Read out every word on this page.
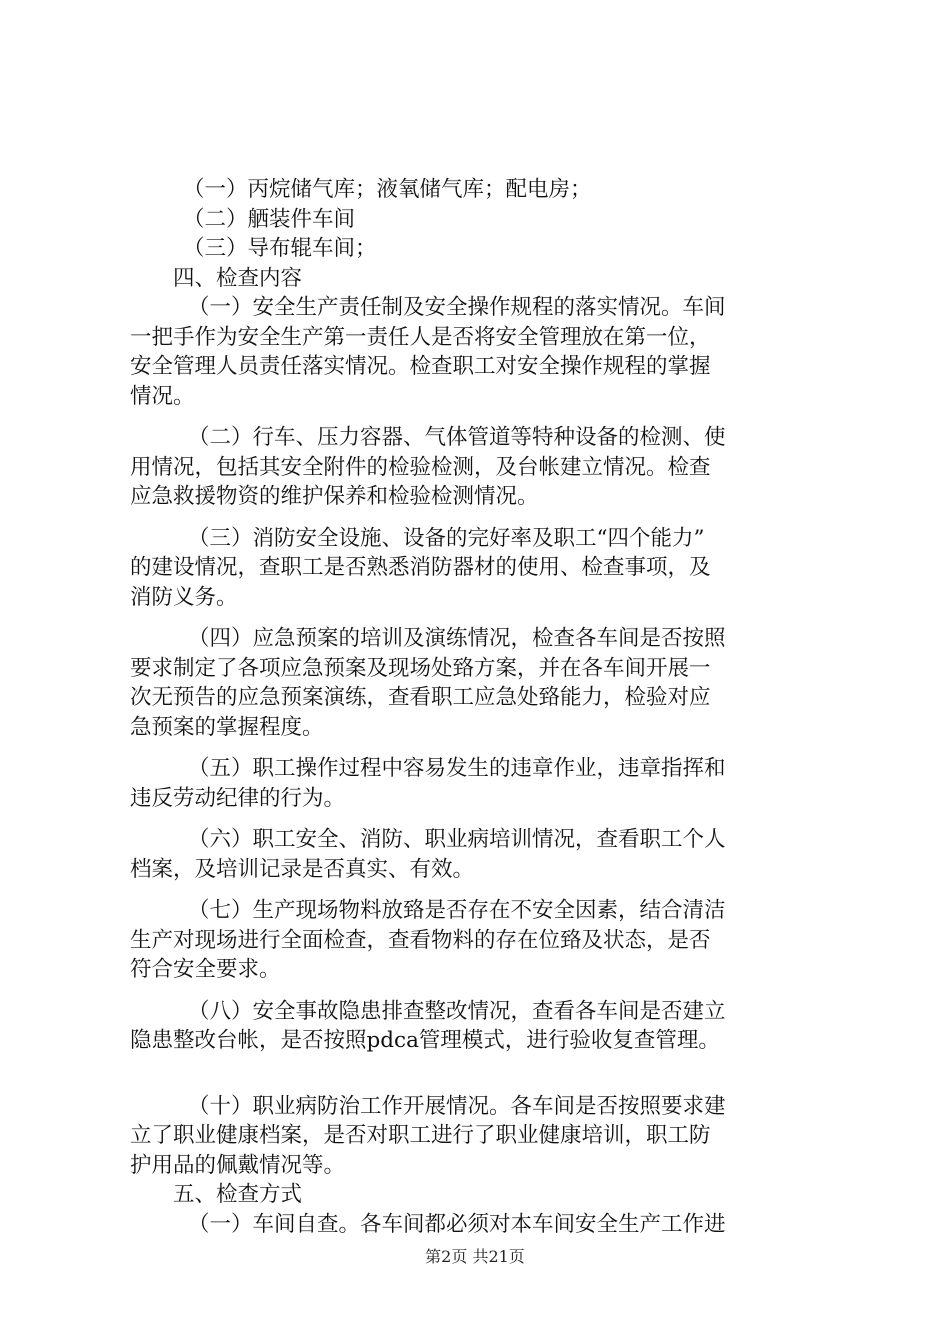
（一）丙烷储气库；液氧储气库；配电房；
（二）舾装件车间
（三）导布辊车间；
四、检查内容
（一）安全生产责任制及安全操作规程的落实情况。车间
一把手作为安全生产第一责任人是否将安全管理放在第一位，
安全管理人员责任落实情况。检查职工对安全操作规程的掌握
情况。
（二）行车、压力容器、气体管道等特种设备的检测、使
用情况，包括其安全附件的检验检测，及台帐建立情况。检查
应急救援物资的维护保养和检验检测情况。
（三）消防安全设施、设备的完好率及职工“四个能力”
的建设情况，查职工是否熟悉消防器材的使用、检查事项，及
消防义务。
（四）应急预案的培训及演练情况，检查各车间是否按照
要求制定了各项应急预案及现场处臵方案，并在各车间开展一
次无预告的应急预案演练，查看职工应急处臵能力，检验对应
急预案的掌握程度。
（五）职工操作过程中容易发生的违章作业，违章指挥和
违反劳动纪律的行为。
（六）职工安全、消防、职业病培训情况，查看职工个人
档案，及培训记录是否真实、有效。
（七）生产现场物料放臵是否存在不安全因素，结合清洁
生产对现场进行全面检查，查看物料的存在位臵及状态，是否
符合安全要求。
（八）安全事故隐患排查整改情况，查看各车间是否建立
隐患整改台帐，是否按照pdca管理模式，进行验收复查管理。
（十）职业病防治工作开展情况。各车间是否按照要求建
立了职业健康档案，是否对职工进行了职业健康培训，职工防
护用品的佩戴情况等。
五、检查方式
（一）车间自查。各车间都必须对本车间安全生产工作进
第2页 共21页
